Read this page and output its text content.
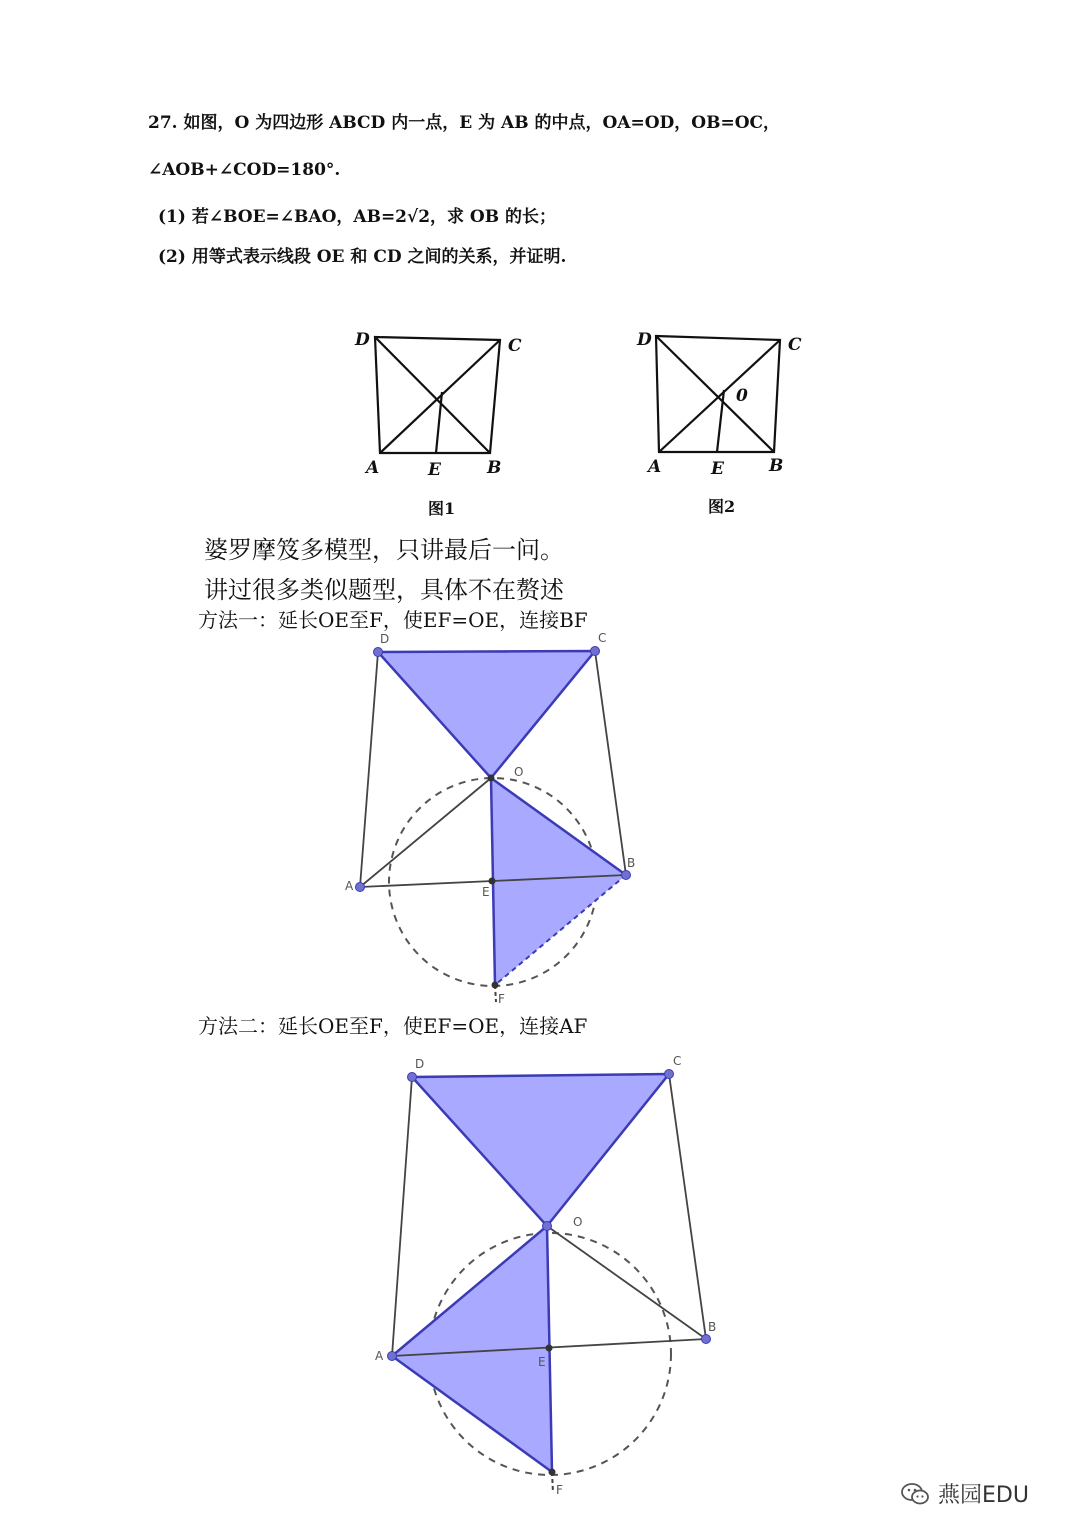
27. 如图，O 为四边形 ABCD 内一点，E 为 AB 的中点，OA=OD，OB=OC，
∠AOB+∠COD=180°.
(1) 若∠BOE=∠BAO，AB=2√2，求 OB 的长；
(2) 用等式表示线段 OE 和 CD 之间的关系，并证明.
D	C
A	E	B
图1
D	C
0
A	E	B
图2
婆罗摩笈多模型，只讲最后一问。
讲过很多类似题型，具体不在赘述
方法一：延长OE至F，使EF=OE，连接BF
D	C
O
B
A	E
F
方法二：延长OE至F，使EF=OE，连接AF
D	C
O
B
A	E
F	燕园EDU
